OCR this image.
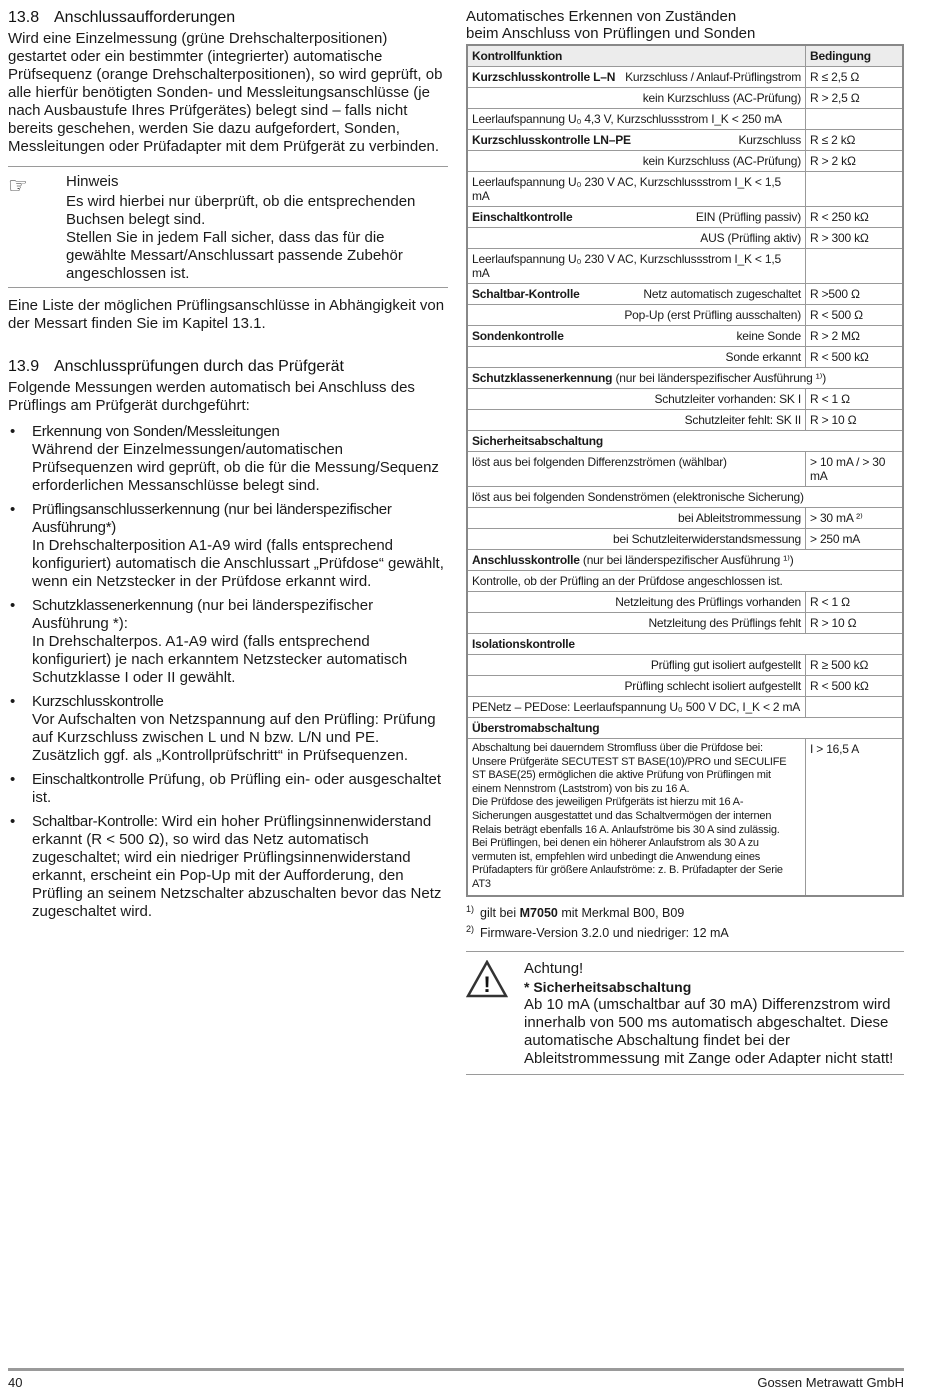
13.8 Anschlussaufforderungen

Wird eine Einzelmessung (grüne Drehschalterpositionen) gestartet oder ein bestimmter (integrierter) automatische Prüfsequenz (orange Drehschalterpositionen), so wird geprüft, ob alle hierfür benötigten Sonden- und Messleitungsanschlüsse (je nach Ausbaustufe Ihres Prüfgerätes) belegt sind – falls nicht bereits geschehen, werden Sie dazu aufgefordert, Sonden, Messleitungen oder Prüfadapter mit dem Prüfgerät zu verbinden.

☞	Hinweis

Es wird hierbei nur überprüft, ob die entsprechenden Buchsen belegt sind.

Stellen Sie in jedem Fall sicher, dass das für die gewählte Messart/Anschlussart passende Zubehör angeschlossen ist.

Eine Liste der möglichen Prüflingsanschlüsse in Abhängigkeit von der Messart finden Sie im Kapitel 13.1.

13.9 Anschlussprüfungen durch das Prüfgerät

Folgende Messungen werden automatisch bei Anschluss des Prüflings am Prüfgerät durchgeführt:

• Erkennung von Sonden/Messleitungen
Während der Einzelmessungen/automatischen Prüfsequenzen wird geprüft, ob die für die Messung/Sequenz erforderlichen Messanschlüsse belegt sind.
• Prüflingsanschlusserkennung (nur bei länderspezifischer Ausführung*)
In Drehschalterposition A1-A9 wird (falls entsprechend konfiguriert) automatisch die Anschlussart „Prüfdose“ gewählt, wenn ein Netzstecker in der Prüfdose erkannt wird.
• Schutzklassenerkennung (nur bei länderspezifischer Ausführung *):
In Drehschalterpos. A1-A9 wird (falls entsprechend konfiguriert) je nach erkanntem Netzstecker automatisch Schutzklasse I oder II gewählt.
• Kurzschlusskontrolle
Vor Aufschalten von Netzspannung auf den Prüfling: Prüfung auf Kurzschluss zwischen L und N bzw. L/N und PE. Zusätzlich ggf. als „Kontrollprüfschritt“ in Prüfsequenzen.
• Einschaltkontrolle Prüfung, ob Prüfling ein- oder ausgeschaltet ist.
• Schaltbar-Kontrolle: Wird ein hoher Prüflingsinnenwiderstand erkannt (R < 500 Ω), so wird das Netz automatisch zugeschaltet; wird ein niedriger Prüflingsinnenwiderstand erkannt, erscheint ein Pop-Up mit der Aufforderung, den Prüfling an seinem Netzschalter abzuschalten bevor das Netz zugeschaltet wird.
Automatisches Erkennen von Zuständen
beim Anschluss von Prüflingen und Sonden
Kontrollfunktion	Bedingung

Kurzschlusskontrolle L–N Kurzschluss / Anlauf-Prüflingstrom	R ≤ 2,5 Ω
kein Kurzschluss (AC-Prüfung)	R > 2,5 Ω
Leerlaufspannung U₀ 4,3 V, Kurzschlussstrom I_K < 250 mA	

Kurzschlusskontrolle LN–PE Kurzschluss	R ≤ 2 kΩ
kein Kurzschluss (AC-Prüfung)	R > 2 kΩ
Leerlaufspannung U₀ 230 V AC, Kurzschlussstrom I_K < 1,5 mA	

Einschaltkontrolle EIN (Prüfling passiv)	R < 250 kΩ
AUS (Prüfling aktiv)	R > 300 kΩ
Leerlaufspannung U₀ 230 V AC, Kurzschlussstrom I_K < 1,5 mA	

Schaltbar-Kontrolle Netz automatisch zugeschaltet	R >500 Ω
Pop-Up (erst Prüfling ausschalten)	R < 500 Ω

Sondenkontrolle keine Sonde	R > 2 MΩ
Sonde erkannt	R < 500 kΩ
Schutzklassenerkennung (nur bei länderspezifischer Ausführung ¹⁾)	
Schutzleiter vorhanden: SK I	R < 1 Ω
Schutzleiter fehlt: SK II	R > 10 Ω
Sicherheitsabschaltung	
löst aus bei folgenden Differenzströmen (wählbar)	> 10 mA / > 30 mA
löst aus bei folgenden Sondenströmen (elektronische Sicherung)	
bei Ableitstrommessung	> 30 mA ²⁾
bei Schutzleiterwiderstandsmessung	> 250 mA
Anschlusskontrolle (nur bei länderspezifischer Ausführung ¹⁾)	
Kontrolle, ob der Prüfling an der Prüfdose angeschlossen ist.	
Netzleitung des Prüflings vorhanden	R < 1 Ω
Netzleitung des Prüflings fehlt	R > 10 Ω
Isolationskontrolle	
Prüfling gut isoliert aufgestellt	R ≥ 500 kΩ
Prüfling schlecht isoliert aufgestellt	R < 500 kΩ
PENetz – PEDose: Leerlaufspannung U₀ 500 V DC, I_K < 2 mA	
Überstromabschaltung	

Abschaltung bei dauerndem Stromfluss über die Prüfdose bei:
Unsere Prüfgeräte SECUTEST ST BASE(10)/PRO und SECULIFE ST BASE(25) ermöglichen die aktive Prüfung von Prüflingen mit einem Nennstrom (Laststrom) von bis zu 16 A.
Die Prüfdose des jeweiligen Prüfgeräts ist hierzu mit 16 A-Sicherungen ausgestattet und das Schaltvermögen der internen Relais beträgt ebenfalls 16 A. Anlaufströme bis 30 A sind zulässig.
Bei Prüflingen, bei denen ein höherer Anlaufstrom als 30 A zu vermuten ist, empfehlen wird unbedingt die Anwendung eines Prüfadapters für größere Anlaufströme: z. B. Prüfadapter der Serie AT3	I > 16,5 A
$^{1)}$ gilt bei M7050 mit Merkmal B00, B09
$^{2)}$ Firmware-Version 3.2.0 und niedriger: 12 mA
!
Achtung!
* Sicherheitsabschaltung
Ab 10 mA (umschaltbar auf 30 mA) Differenzstrom wird innerhalb von 500 ms automatisch abgeschaltet. Diese automatische Abschaltung findet bei der Ableitstrommessung mit Zange oder Adapter nicht statt!
40	Gossen Metrawatt GmbH
